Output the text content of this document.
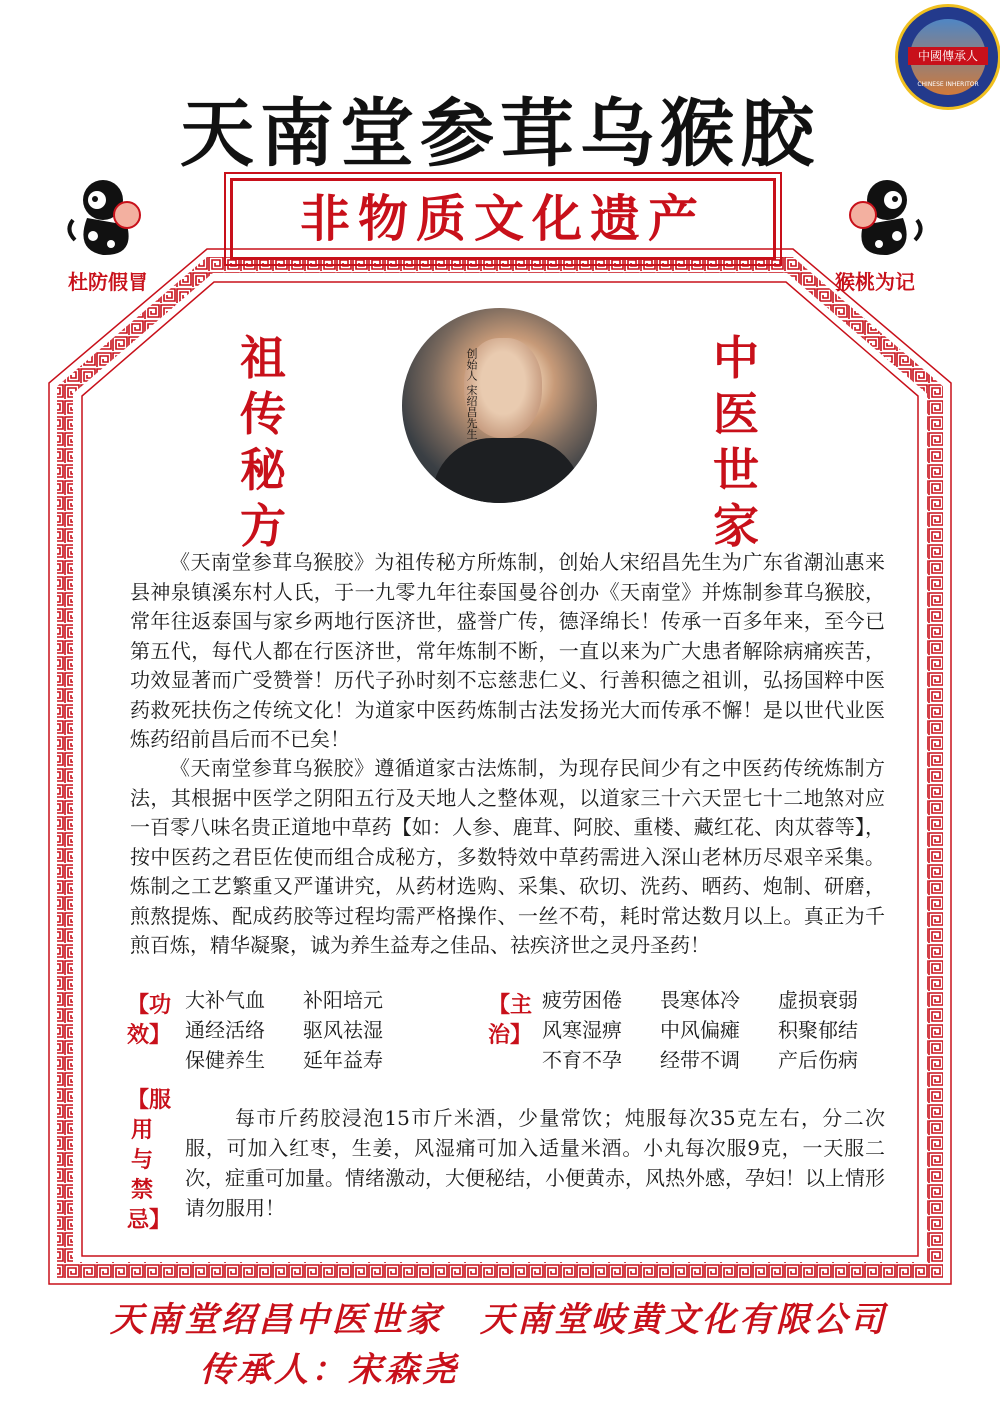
中國傳承人
CHINESE INHERITOR
天南堂参茸乌猴胶
非物质文化遗产
杜防假冒	猴桃为记
祖传秘方
中医世家
创始人 宋绍昌先生

《天南堂参茸乌猴胶》为祖传秘方所炼制，创始人宋绍昌先生为广东省潮汕惠来县神泉镇溪东村人氏，于一九零九年往泰国曼谷创办《天南堂》并炼制参茸乌猴胶，常年往返泰国与家乡两地行医济世，盛誉广传，德泽绵长！传承一百多年来，至今已第五代，每代人都在行医济世，常年炼制不断，一直以来为广大患者解除病痛疾苦，功效显著而广受赞誉！历代子孙时刻不忘慈悲仁义、行善积德之祖训，弘扬国粹中医药救死扶伤之传统文化！为道家中医药炼制古法发扬光大而传承不懈！是以世代业医炼药绍前昌后而不已矣！

《天南堂参茸乌猴胶》遵循道家古法炼制，为现存民间少有之中医药传统炼制方法，其根据中医学之阴阳五行及天地人之整体观，以道家三十六天罡七十二地煞对应一百零八味名贵正道地中草药【如：人参、鹿茸、阿胶、重楼、藏红花、肉苁蓉等】，按中医药之君臣佐使而组合成秘方，多数特效中草药需进入深山老林历尽艰辛采集。炼制之工艺繁重又严谨讲究，从药材选购、采集、砍切、洗药、晒药、炮制、研磨，煎熬提炼、配成药胶等过程均需严格操作、一丝不苟，耗时常达数月以上。真正为千煎百炼，精华凝聚，诚为养生益寿之佳品、祛疾济世之灵丹圣药！

【功效】
大补气血 补阳培元
通经活络 驱风祛湿
保健养生 延年益寿
【主治】
疲劳困倦 畏寒体冷 虚损衰弱
风寒湿痹 中风偏瘫 积聚郁结
不育不孕 经带不调 产后伤病
【服用与禁忌】

每市斤药胶浸泡15市斤米酒，少量常饮；炖服每次35克左右，分二次服，可加入红枣，生姜，风湿痛可加入适量米酒。小丸每次服9克，一天服二次，症重可加量。情绪激动，大便秘结，小便黄赤，风热外感，孕妇！以上情形请勿服用！

天南堂绍昌中医世家　天南堂岐黄文化有限公司
传承人：宋森尧
